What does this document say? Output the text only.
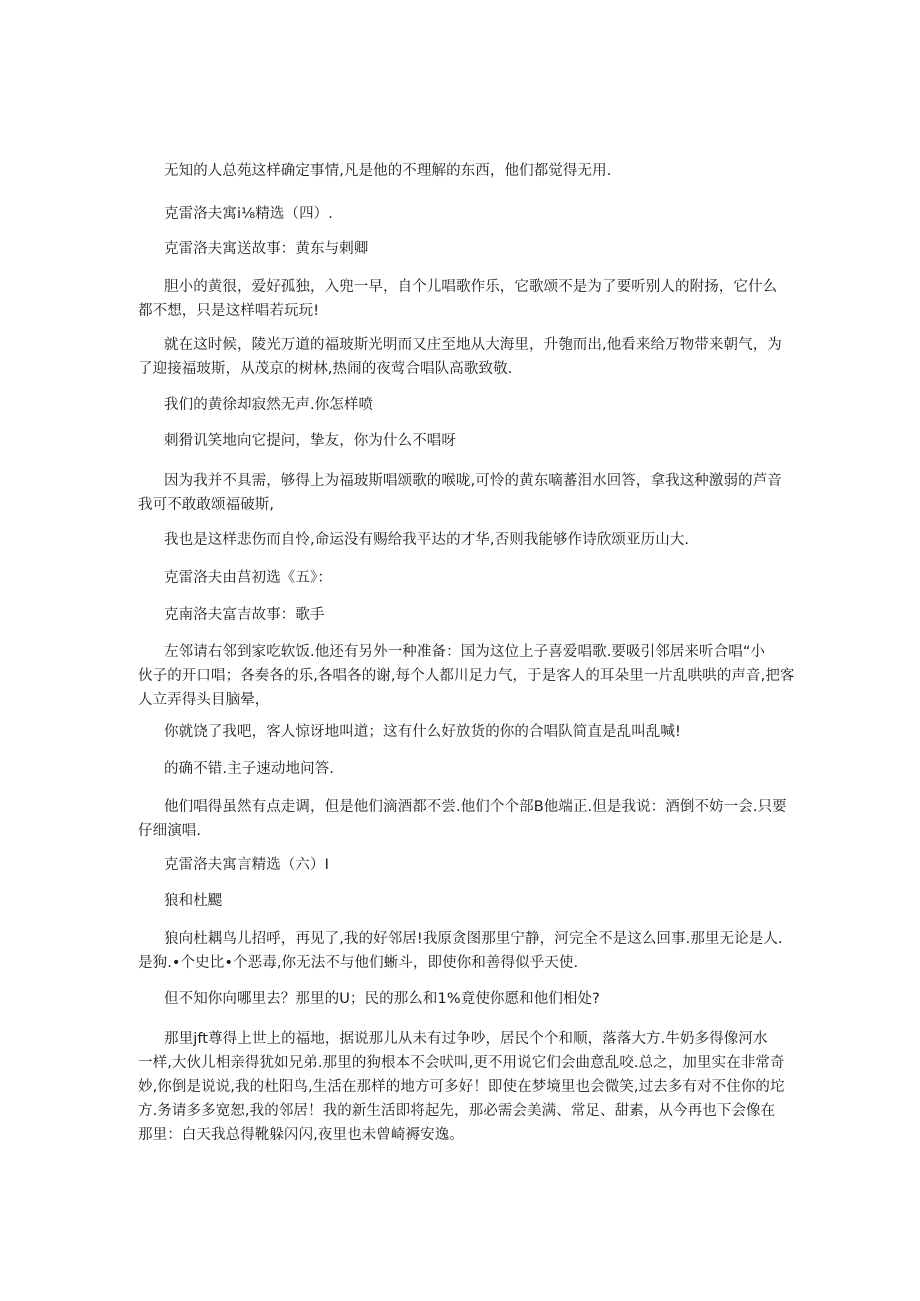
无知的人总苑这样确定事情,凡是他的不理解的东西，他们都觉得无用.

克雷洛夫寓i⅛精选（四）.

克雷洛夫寓送故事：黄东与剌卿

胆小的黄很，爱好孤独，入兜一早，自个儿唱歌作乐，它歌颂不是为了要听别人的附扬，它什么
都不想，只是这样唱若玩玩!

就在这时候，陵光万道的福玻斯光明而又庄至地从大海里，升匏而出,他看来给万物带来朝气，为
了迎接福玻斯，从茂京的树林,热闹的夜莺合唱队高歌致敬.

我们的黄徐却寂然无声.你怎样喷

刺猾讥笑地向它提问，挚友，你为什么不唱呀

因为我并不具需，够得上为福玻斯唱颂歌的喉咙,可怜的黄东嘀蕃泪水回答，拿我这种激弱的芦音
我可不敢敢颂福破斯,

我也是这样悲伤而自怜,命运没有赐给我平达的才华,否则我能够作诗欣颂亚历山大.

克雷洛夫由莒初选《五》：

克南洛夫富吉故事：歌手

左邻请右邻到家吃软饭.他还有另外一种准备：国为这位上子喜爱唱歌.要吸引邻居来听合唱“小
伙子的开口唱；各奏各的乐,各唱各的谢,每个人都川足力气，于是客人的耳朵里一片乱哄哄的声音,把客
人立弄得头目脑晕，

你就饶了我吧，客人惊讶地叫道；这有什么好放货的你的合唱队简直是乱叫乱喊!

的确不错.主子速动地问答.

他们唱得虽然有点走调，但是他们滴酒都不尝.他们个个部B他端正.但是我说：酒倒不妨一会.只要
仔细演唱.

克雷洛夫寓言精选（六）I

狼和杜颸

狼向杜耦鸟儿招呼，再见了,我的好邻居!我原贪图那里宁静，河完全不是这么回事.那里无论是人.
是狗.•个史比•个恶毒,你无法不与他们蜥斗，即使你和善得似乎天使.

但不知你向哪里去？那里的U；民的那么和1%竟使你愿和他们相处?

那里jft尊得上世上的福地，据说那儿从未有过争吵，居民个个和顺，落落大方.牛奶多得像河水
一样,大伙儿相亲得犹如兄弟.那里的狗根本不会吠叫,更不用说它们会曲意乱咬.总之，加里实在非常奇
妙,你倒是说说,我的杜阳鸟,生活在那样的地方可多好！即使在梦境里也会微笑,过去多有对不住你的坨
方.务请多多宽恕,我的邻居！我的新生活即将起先，那必需会美满、常足、甜素，从今再也下会像在
那里：白天我总得靴躲闪闪,夜里也未曾崎褥安逸。
